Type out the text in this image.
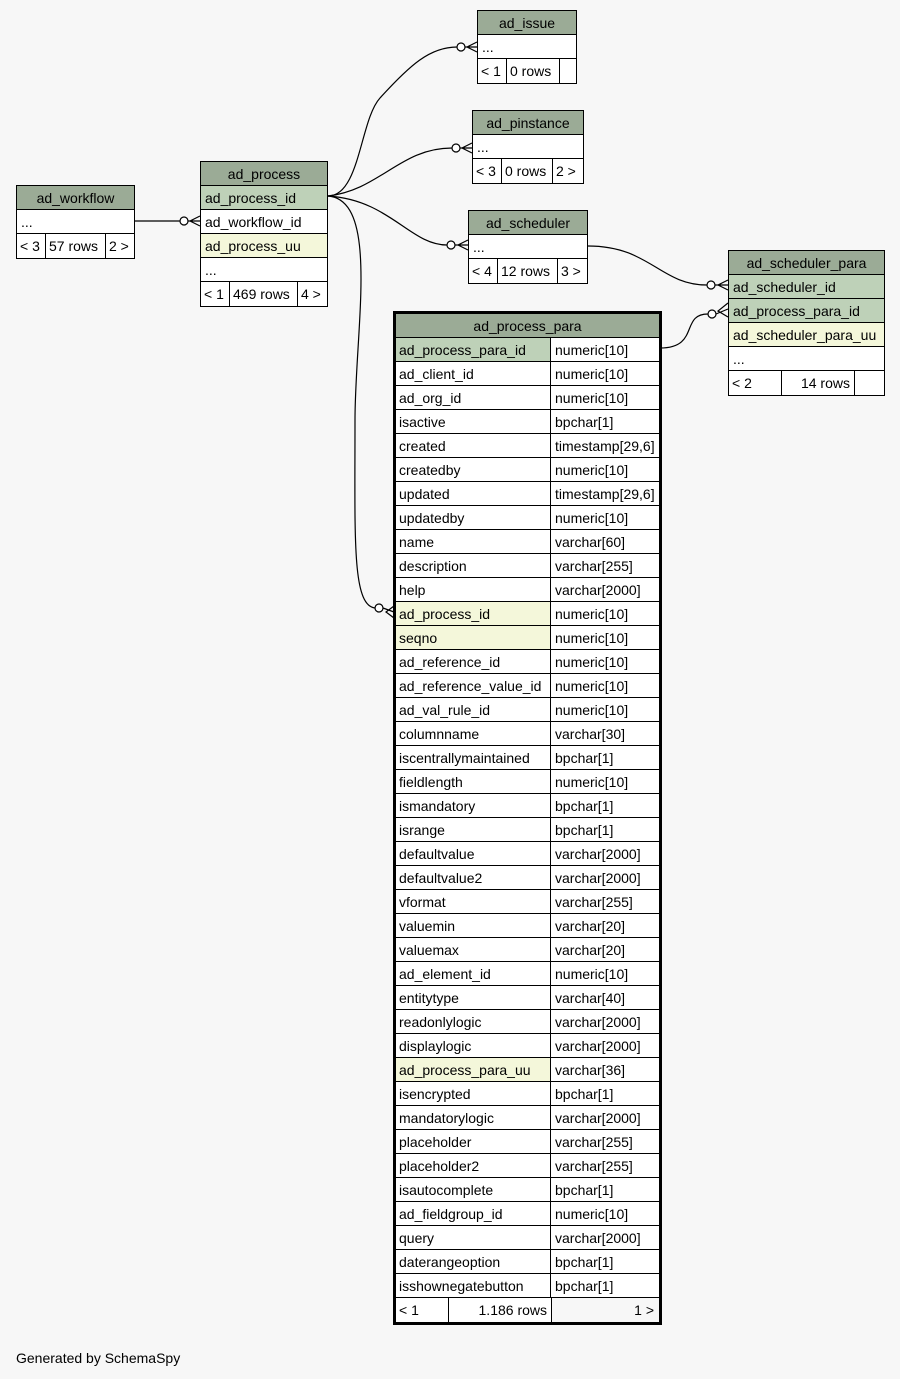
ad_workflow
...
< 3 57 rows 2 >
ad_process
ad_process_id
ad_workflow_id
ad_process_uu
...
< 1 469 rows 4 >
ad_issue
...
< 1 0 rows
ad_pinstance
...
< 3 0 rows 2 >
ad_scheduler
...
< 4 12 rows 3 >	ad_scheduler_para
ad_scheduler_id
ad_process_para_id
ad_scheduler_para_uu
...
< 2	14 rows
ad_process_para
ad_process_para_id	numeric[10]
ad_client_id	numeric[10]
ad_org_id	numeric[10]
isactive	bpchar[1]
created	timestamp[29,6]
createdby	numeric[10]
updated	timestamp[29,6]
updatedby	numeric[10]
name	varchar[60]
description	varchar[255]
help	varchar[2000]
ad_process_id	numeric[10]
seqno	numeric[10]
ad_reference_id	numeric[10]
ad_reference_value_id numeric[10]
ad_val_rule_id	numeric[10]
columnname	varchar[30]
iscentrallymaintained	bpchar[1]
fieldlength	numeric[10]
ismandatory	bpchar[1]
isrange	bpchar[1]
defaultvalue	varchar[2000]
defaultvalue2	varchar[2000]
vformat	varchar[255]
valuemin	varchar[20]
valuemax	varchar[20]
ad_element_id	numeric[10]
entitytype	varchar[40]
readonlylogic	varchar[2000]
displaylogic	varchar[2000]
ad_process_para_uu	varchar[36]
isencrypted	bpchar[1]
mandatorylogic	varchar[2000]
placeholder	varchar[255]
placeholder2	varchar[255]
isautocomplete	bpchar[1]
ad_fieldgroup_id	numeric[10]
query	varchar[2000]
daterangeoption	bpchar[1]
isshownegatebutton	bpchar[1]
< 1	1.186 rows	1 >
Generated by SchemaSpy
